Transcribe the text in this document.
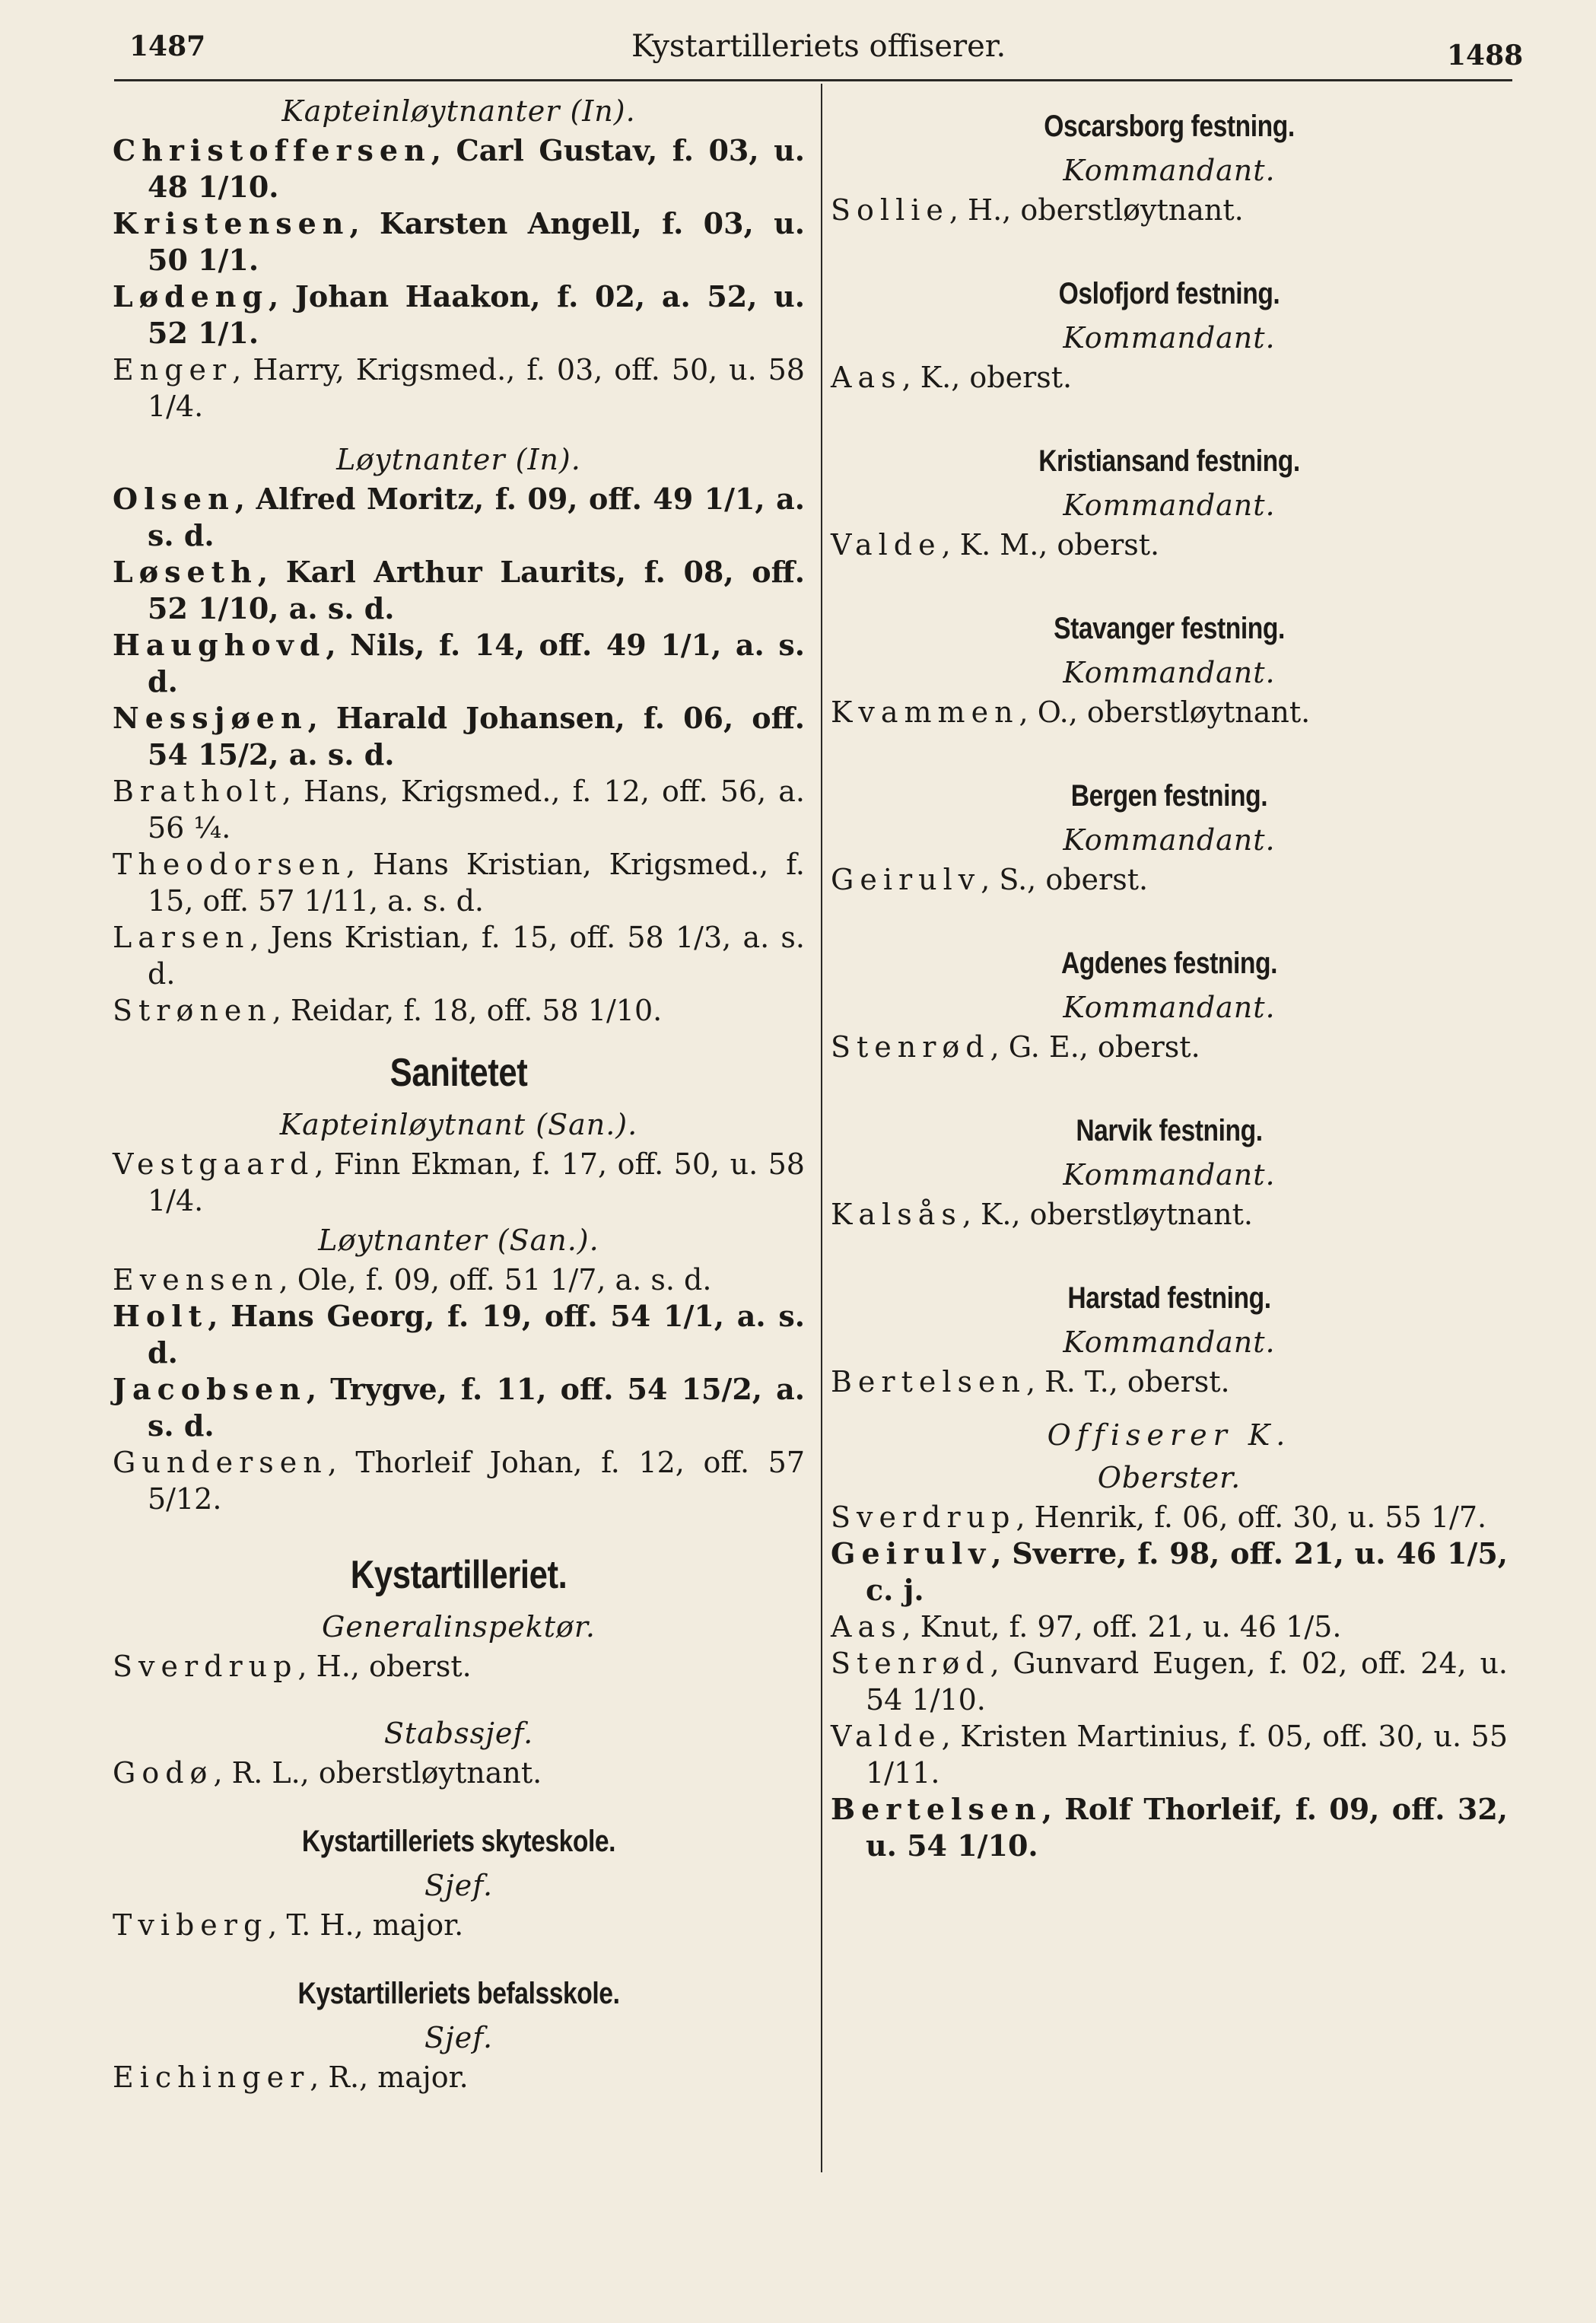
1487	Kystartilleriets offiserer.	1488
Kapteinløytnanter (In).
Christoffersen, Carl Gustav, f. 03, u. 48 1/10.
Kristensen, Karsten Angell, f. 03, u. 50 1/1.
Lødeng, Johan Haakon, f. 02, a. 52, u. 52 1/1.
Enger, Harry, Krigsmed., f. 03, off. 50, u. 58 1/4.
Løytnanter (In).
Olsen, Alfred Moritz, f. 09, off. 49 1/1, a. s. d.
Løseth, Karl Arthur Laurits, f. 08, off. 52 1/10, a. s. d.
Haughovd, Nils, f. 14, off. 49 1/1, a. s. d.
Nessjøen, Harald Johansen, f. 06, off. 54 15/2, a. s. d.
Bratholt, Hans, Krigsmed., f. 12, off. 56, a. 56 ¼.
Theodorsen, Hans Kristian, Krigsmed., f. 15, off. 57 1/11, a. s. d.
Larsen, Jens Kristian, f. 15, off. 58 1/3, a. s. d.
Strønen, Reidar, f. 18, off. 58 1/10.
Sanitetet
Kapteinløytnant (San.).
Vestgaard, Finn Ekman, f. 17, off. 50, u. 58 1/4.
Løytnanter (San.).
Evensen, Ole, f. 09, off. 51 1/7, a. s. d.
Holt, Hans Georg, f. 19, off. 54 1/1, a. s. d.
Jacobsen, Trygve, f. 11, off. 54 15/2, a. s. d.
Gundersen, Thorleif Johan, f. 12, off. 57 5/12.
Kystartilleriet.
Generalinspektør.
Sverdrup, H., oberst.
Stabssjef.
Godø, R. L., oberstløytnant.
Kystartilleriets skyteskole.
Sjef.
Tviberg, T. H., major.
Kystartilleriets befalsskole.
Sjef.
Eichinger, R., major.
Oscarsborg festning.
Kommandant.
Sollie, H., oberstløytnant.
Oslofjord festning.
Kommandant.
Aas, K., oberst.
Kristiansand festning.
Kommandant.
Valde, K. M., oberst.
Stavanger festning.
Kommandant.
Kvammen, O., oberstløytnant.
Bergen festning.
Kommandant.
Geirulv, S., oberst.
Agdenes festning.
Kommandant.
Stenrød, G. E., oberst.
Narvik festning.
Kommandant.
Kalsås, K., oberstløytnant.
Harstad festning.
Kommandant.
Bertelsen, R. T., oberst.
Offiserer K.
Oberster.
Sverdrup, Henrik, f. 06, off. 30, u. 55 1/7.
Geirulv, Sverre, f. 98, off. 21, u. 46 1/5, c. j.
Aas, Knut, f. 97, off. 21, u. 46 1/5.
Stenrød, Gunvard Eugen, f. 02, off. 24, u. 54 1/10.
Valde, Kristen Martinius, f. 05, off. 30, u. 55 1/11.
Bertelsen, Rolf Thorleif, f. 09, off. 32, u. 54 1/10.
